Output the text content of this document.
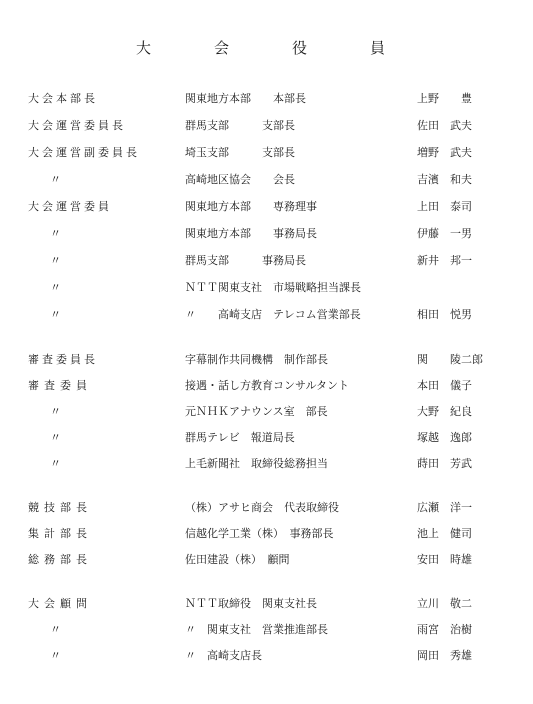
大　会　役　員
大会本部長	関東地方本部　　本部長	上野　　豊
大会運営委員長	群馬支部　　　支部長	佐田　武夫
大会運営副委員長	埼玉支部　　　支部長	増野　武夫
〃	高崎地区協会　　会長	吉濱　和夫
大会運営委員	関東地方本部　　専務理事	上田　泰司
〃	関東地方本部　　事務局長	伊藤　一男
〃	群馬支部　　　事務局長	新井　邦一
〃	ＮＴＴ関東支社　市場戦略担当課長
〃	〃　　高崎支店　テレコム営業部長	相田　悦男
審査委員長	字幕制作共同機構　制作部長	関　　陵二郎
審査委員	接遇・話し方教育コンサルタント	本田　儀子
〃	元ＮＨＫアナウンス室　部長	大野　紀良
〃	群馬テレビ　報道局長	塚越　逸郎
〃	上毛新聞社　取締役総務担当	蒔田　芳武
競技部長	（株）アサヒ商会　代表取締役	広瀬　洋一
集計部長	信越化学工業（株）　事務部長	池上　健司
総務部長	佐田建設（株）　顧問	安田　時雄
大会顧問	ＮＴＴ取締役　関東支社長	立川　敬二
〃	〃　関東支社　営業推進部長	雨宮　治樹
〃	〃　高崎支店長	岡田　秀雄
